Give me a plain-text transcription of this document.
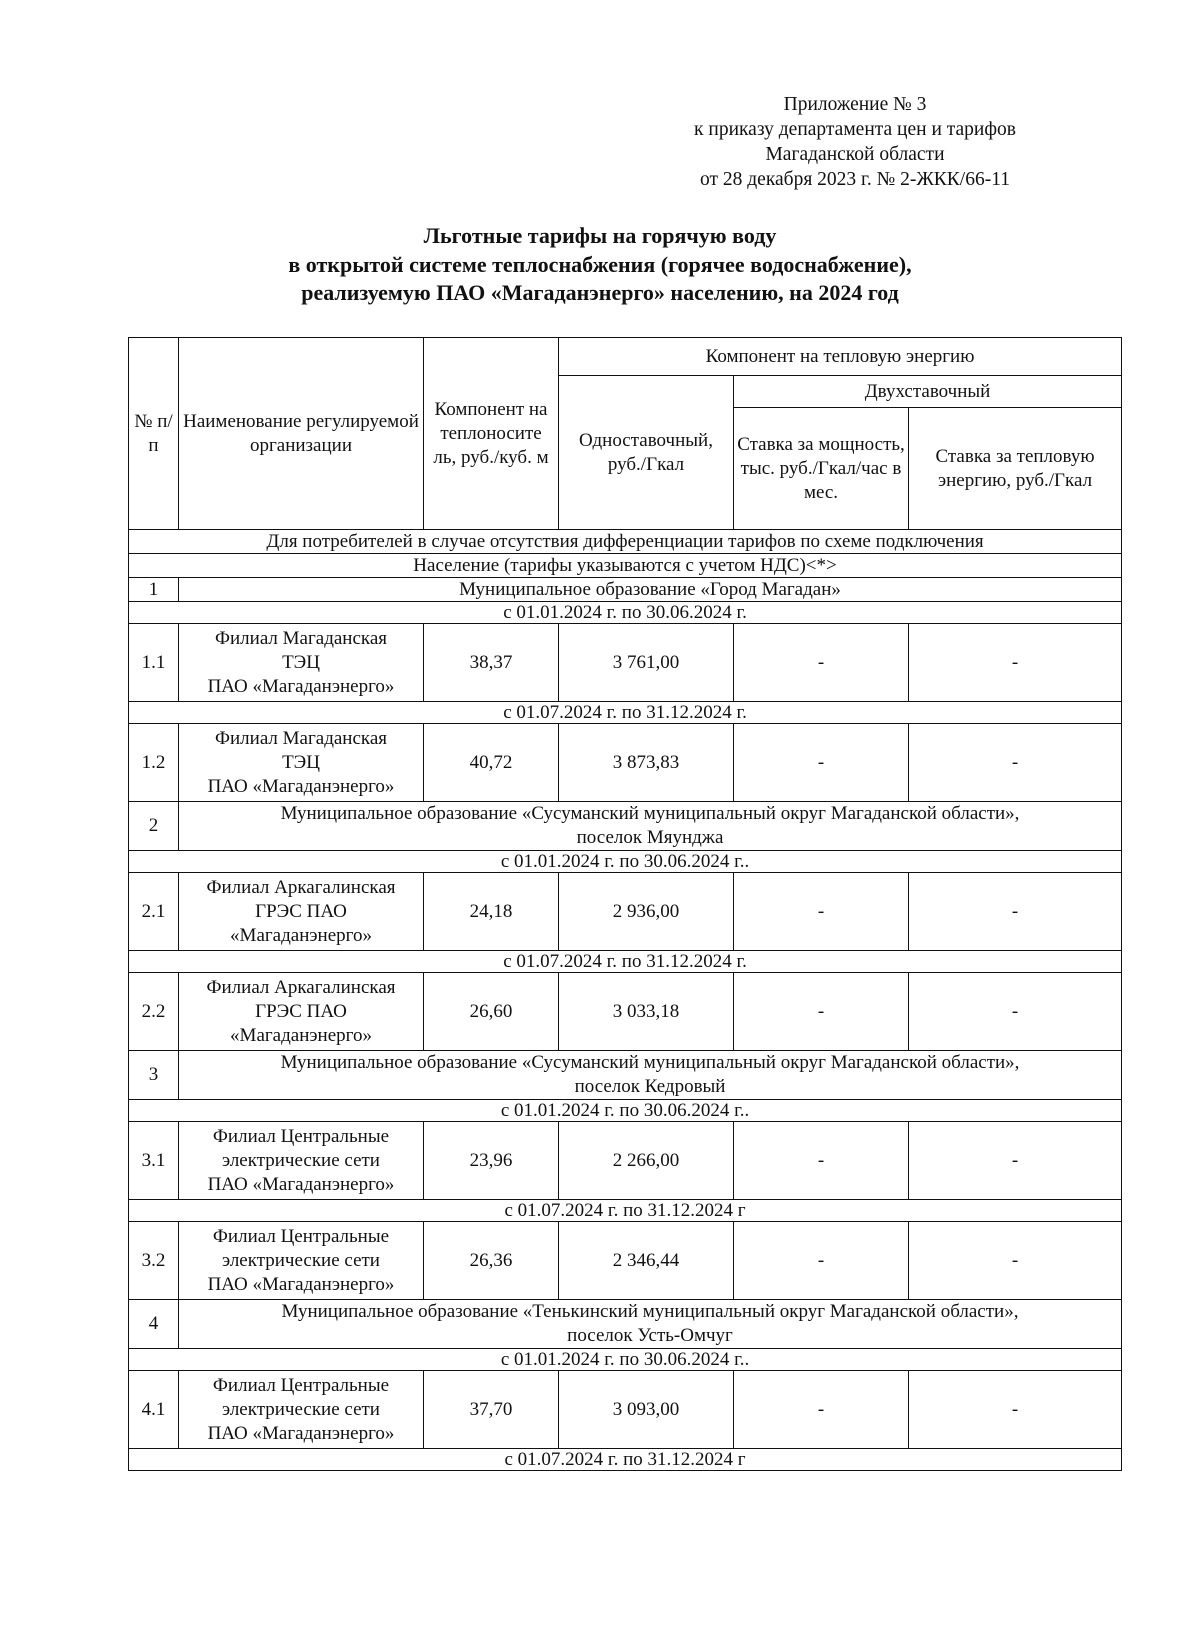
Приложение № 3
к приказу департамента цен и тарифов
Магаданской области
от 28 декабря 2023 г. № 2-ЖКК/66-11
Льготные тарифы на горячую воду
в открытой системе теплоснабжения (горячее водоснабжение),
реализуемую ПАО «Магаданэнерго» населению, на 2024 год
№ п/п	Наименование регулируемой организации	Компонент на теплоносите ль, руб./куб. м	Компонент на тепловую энергию		
			Одноставочный, руб./Гкал	Двухставочный	
				Ставка за мощность, тыс. руб./Гкал/час в мес.	Ставка за тепловую энергию, руб./Гкал
Для потребителей в случае отсутствия дифференциации тарифов по схеме подключения					
Население (тарифы указываются с учетом НДС)<*>					
1	Муниципальное образование «Город Магадан»				
с 01.01.2024 г. по 30.06.2024 г.					
1.1	Филиал Магаданская
ТЭЦ
ПАО «Магаданэнерго»	38,37	3 761,00	-	-
с 01.07.2024 г. по 31.12.2024 г.					
1.2	Филиал Магаданская
ТЭЦ
ПАО «Магаданэнерго»	40,72	3 873,83	-	-
2	Муниципальное образование «Сусуманский муниципальный округ Магаданской области»,
поселок Мяунджа				
с 01.01.2024 г. по 30.06.2024 г..					
2.1	Филиал Аркагалинская
ГРЭС ПАО
«Магаданэнерго»	24,18	2 936,00	-	-
с 01.07.2024 г. по 31.12.2024 г.					
2.2	Филиал Аркагалинская
ГРЭС ПАО
«Магаданэнерго»	26,60	3 033,18	-	-
3	Муниципальное образование «Сусуманский муниципальный округ Магаданской области»,
поселок Кедровый				
с 01.01.2024 г. по 30.06.2024 г..					
3.1	Филиал Центральные
электрические сети
ПАО «Магаданэнерго»	23,96	2 266,00	-	-
с 01.07.2024 г. по 31.12.2024 г					
3.2	Филиал Центральные
электрические сети
ПАО «Магаданэнерго»	26,36	2 346,44	-	-
4	Муниципальное образование «Тенькинский муниципальный округ Магаданской области»,
поселок Усть-Омчуг				
с 01.01.2024 г. по 30.06.2024 г..					
4.1	Филиал Центральные
электрические сети
ПАО «Магаданэнерго»	37,70	3 093,00	-	-
с 01.07.2024 г. по 31.12.2024 г					
